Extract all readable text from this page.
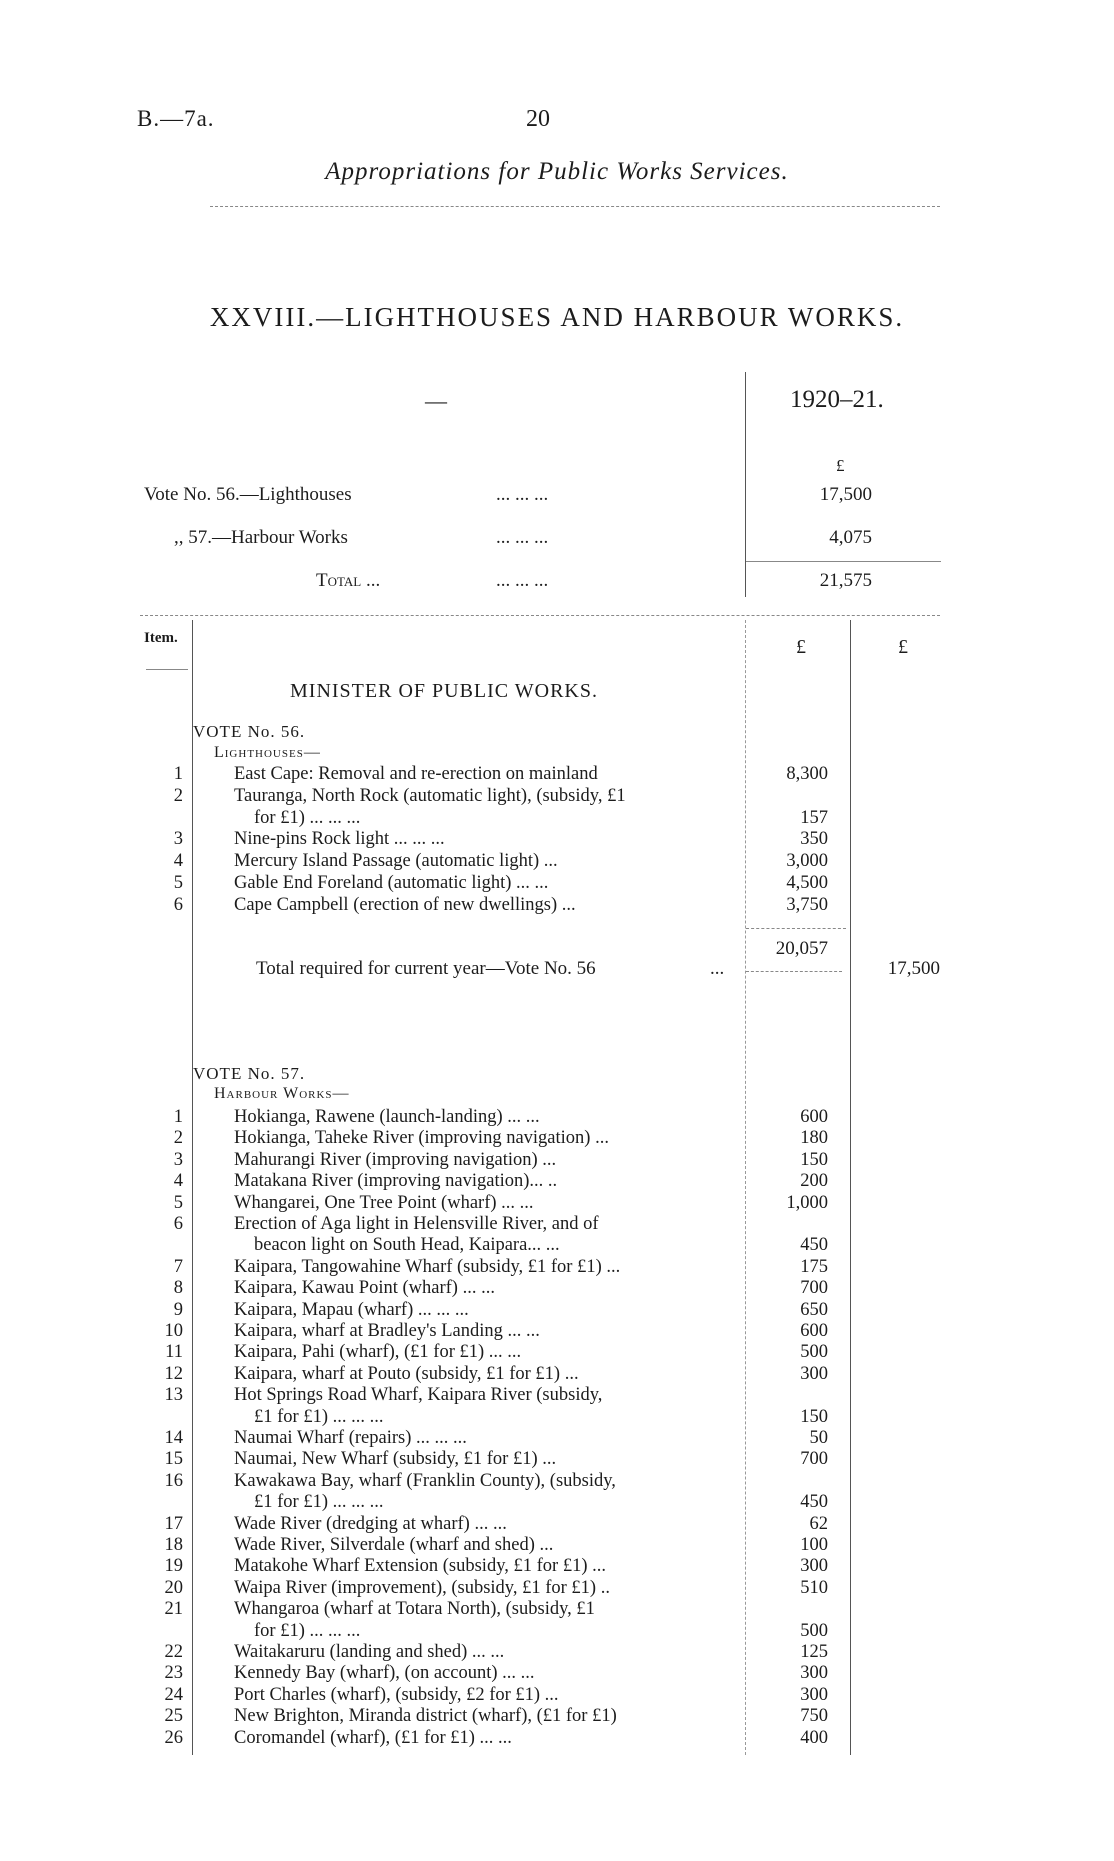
B.—7a.	20
Appropriations for Public Works Services.
XXVIII.—LIGHTHOUSES AND HARBOUR WORKS.
—	1920–21.
£
Vote No. 56.—Lighthouses	... ... ...	17,500
,, 57.—Harbour Works	... ... ...	4,075
Total ...	... ... ...	21,575
Item.	£	£
MINISTER OF PUBLIC WORKS.
VOTE No. 56.
Lighthouses—
1	East Cape: Removal and re-erection on mainland	8,300
2	Tauranga, North Rock (automatic light), (subsidy, £1
for £1) ... ... ...	157
3	Nine-pins Rock light ... ... ...	350
4	Mercury Island Passage (automatic light) ...	3,000
5	Gable End Foreland (automatic light) ... ...	4,500
6	Cape Campbell (erection of new dwellings) ...	3,750
20,057
Total required for current year—Vote No. 56	...	17,500
VOTE No. 57.
Harbour Works—
1	Hokianga, Rawene (launch-landing) ... ...	600
2	Hokianga, Taheke River (improving navigation) ...	180
3	Mahurangi River (improving navigation) ...	150
4	Matakana River (improving navigation)... ..	200
5	Whangarei, One Tree Point (wharf) ... ...	1,000
6	Erection of Aga light in Helensville River, and of
beacon light on South Head, Kaipara... ...	450
7	Kaipara, Tangowahine Wharf (subsidy, £1 for £1) ...	175
8	Kaipara, Kawau Point (wharf) ... ...	700
9	Kaipara, Mapau (wharf) ... ... ...	650
10	Kaipara, wharf at Bradley's Landing ... ...	600
11	Kaipara, Pahi (wharf), (£1 for £1) ... ...	500
12	Kaipara, wharf at Pouto (subsidy, £1 for £1) ...	300
13	Hot Springs Road Wharf, Kaipara River (subsidy,
£1 for £1) ... ... ...	150
14	Naumai Wharf (repairs) ... ... ...	50
15	Naumai, New Wharf (subsidy, £1 for £1) ...	700
16	Kawakawa Bay, wharf (Franklin County), (subsidy,
£1 for £1) ... ... ...	450
17	Wade River (dredging at wharf) ... ...	62
18	Wade River, Silverdale (wharf and shed) ...	100
19	Matakohe Wharf Extension (subsidy, £1 for £1) ...	300
20	Waipa River (improvement), (subsidy, £1 for £1) ..	510
21	Whangaroa (wharf at Totara North), (subsidy, £1
for £1) ... ... ...	500
22	Waitakaruru (landing and shed) ... ...	125
23	Kennedy Bay (wharf), (on account) ... ...	300
24	Port Charles (wharf), (subsidy, £2 for £1) ...	300
25	New Brighton, Miranda district (wharf), (£1 for £1)	750
26	Coromandel (wharf), (£1 for £1) ... ...	400
